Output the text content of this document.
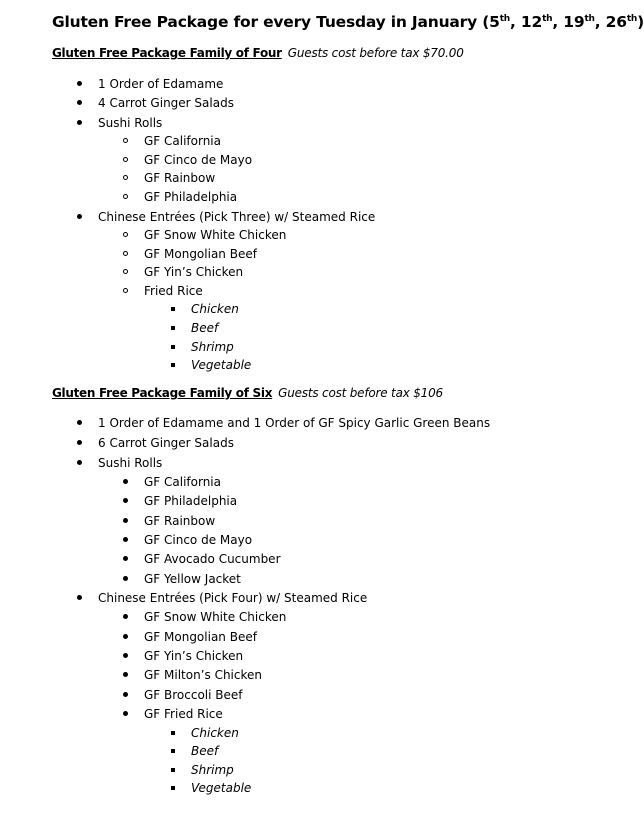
Gluten Free Package for every Tuesday in January (5th, 12th, 19th, 26th)
Gluten Free Package Family of Four Guests cost before tax $70.00
1 Order of Edamame
4 Carrot Ginger Salads
Sushi Rolls
GF California
GF Cinco de Mayo
GF Rainbow
GF Philadelphia
Chinese Entrées (Pick Three) w/ Steamed Rice
GF Snow White Chicken
GF Mongolian Beef
GF Yin’s Chicken
Fried Rice
Chicken
Beef
Shrimp
Vegetable
Gluten Free Package Family of Six Guests cost before tax $106
1 Order of Edamame and 1 Order of GF Spicy Garlic Green Beans
6 Carrot Ginger Salads
Sushi Rolls
GF California
GF Philadelphia
GF Rainbow
GF Cinco de Mayo
GF Avocado Cucumber
GF Yellow Jacket
Chinese Entrées (Pick Four) w/ Steamed Rice
GF Snow White Chicken
GF Mongolian Beef
GF Yin’s Chicken
GF Milton’s Chicken
GF Broccoli Beef
GF Fried Rice
Chicken
Beef
Shrimp
Vegetable
